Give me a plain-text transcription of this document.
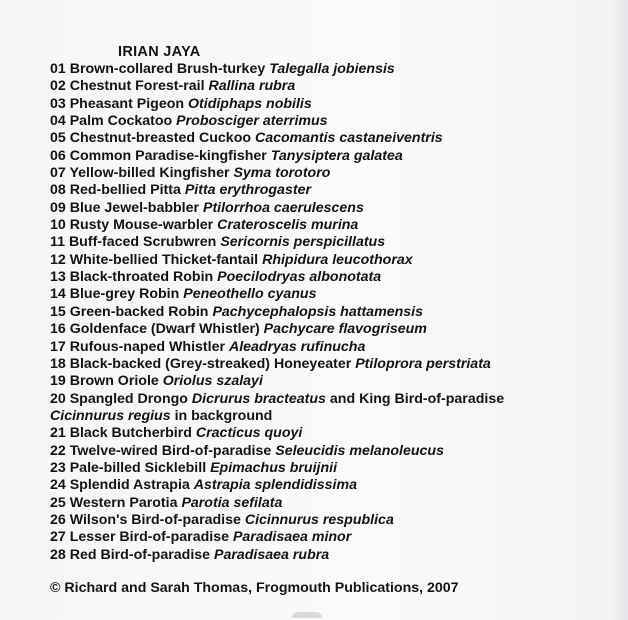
IRIAN JAYA
01 Brown-collared Brush-turkey Talegalla jobiensis
02 Chestnut Forest-rail Rallina rubra
03 Pheasant Pigeon Otidiphaps nobilis
04 Palm Cockatoo Probosciger aterrimus
05 Chestnut-breasted Cuckoo Cacomantis castaneiventris
06 Common Paradise-kingfisher Tanysiptera galatea
07 Yellow-billed Kingfisher Syma torotoro
08 Red-bellied Pitta Pitta erythrogaster
09 Blue Jewel-babbler Ptilorrhoa caerulescens
10 Rusty Mouse-warbler Crateroscelis murina
11 Buff-faced Scrubwren Sericornis perspicillatus
12 White-bellied Thicket-fantail Rhipidura leucothorax
13 Black-throated Robin Poecilodryas albonotata
14 Blue-grey Robin Peneothello cyanus
15 Green-backed Robin Pachycephalopsis hattamensis
16 Goldenface (Dwarf Whistler) Pachycare flavogriseum
17 Rufous-naped Whistler Aleadryas rufinucha
18 Black-backed (Grey-streaked) Honeyeater Ptiloprora perstriata
19 Brown Oriole Oriolus szalayi
20 Spangled Drongo Dicrurus bracteatus and King Bird-of-paradise
Cicinnurus regius in background
21 Black Butcherbird Cracticus quoyi
22 Twelve-wired Bird-of-paradise Seleucidis melanoleucus
23 Pale-billed Sicklebill Epimachus bruijnii
24 Splendid Astrapia Astrapia splendidissima
25 Western Parotia Parotia sefilata
26 Wilson's Bird-of-paradise Cicinnurus respublica
27 Lesser Bird-of-paradise Paradisaea minor
28 Red Bird-of-paradise Paradisaea rubra
© Richard and Sarah Thomas, Frogmouth Publications, 2007
